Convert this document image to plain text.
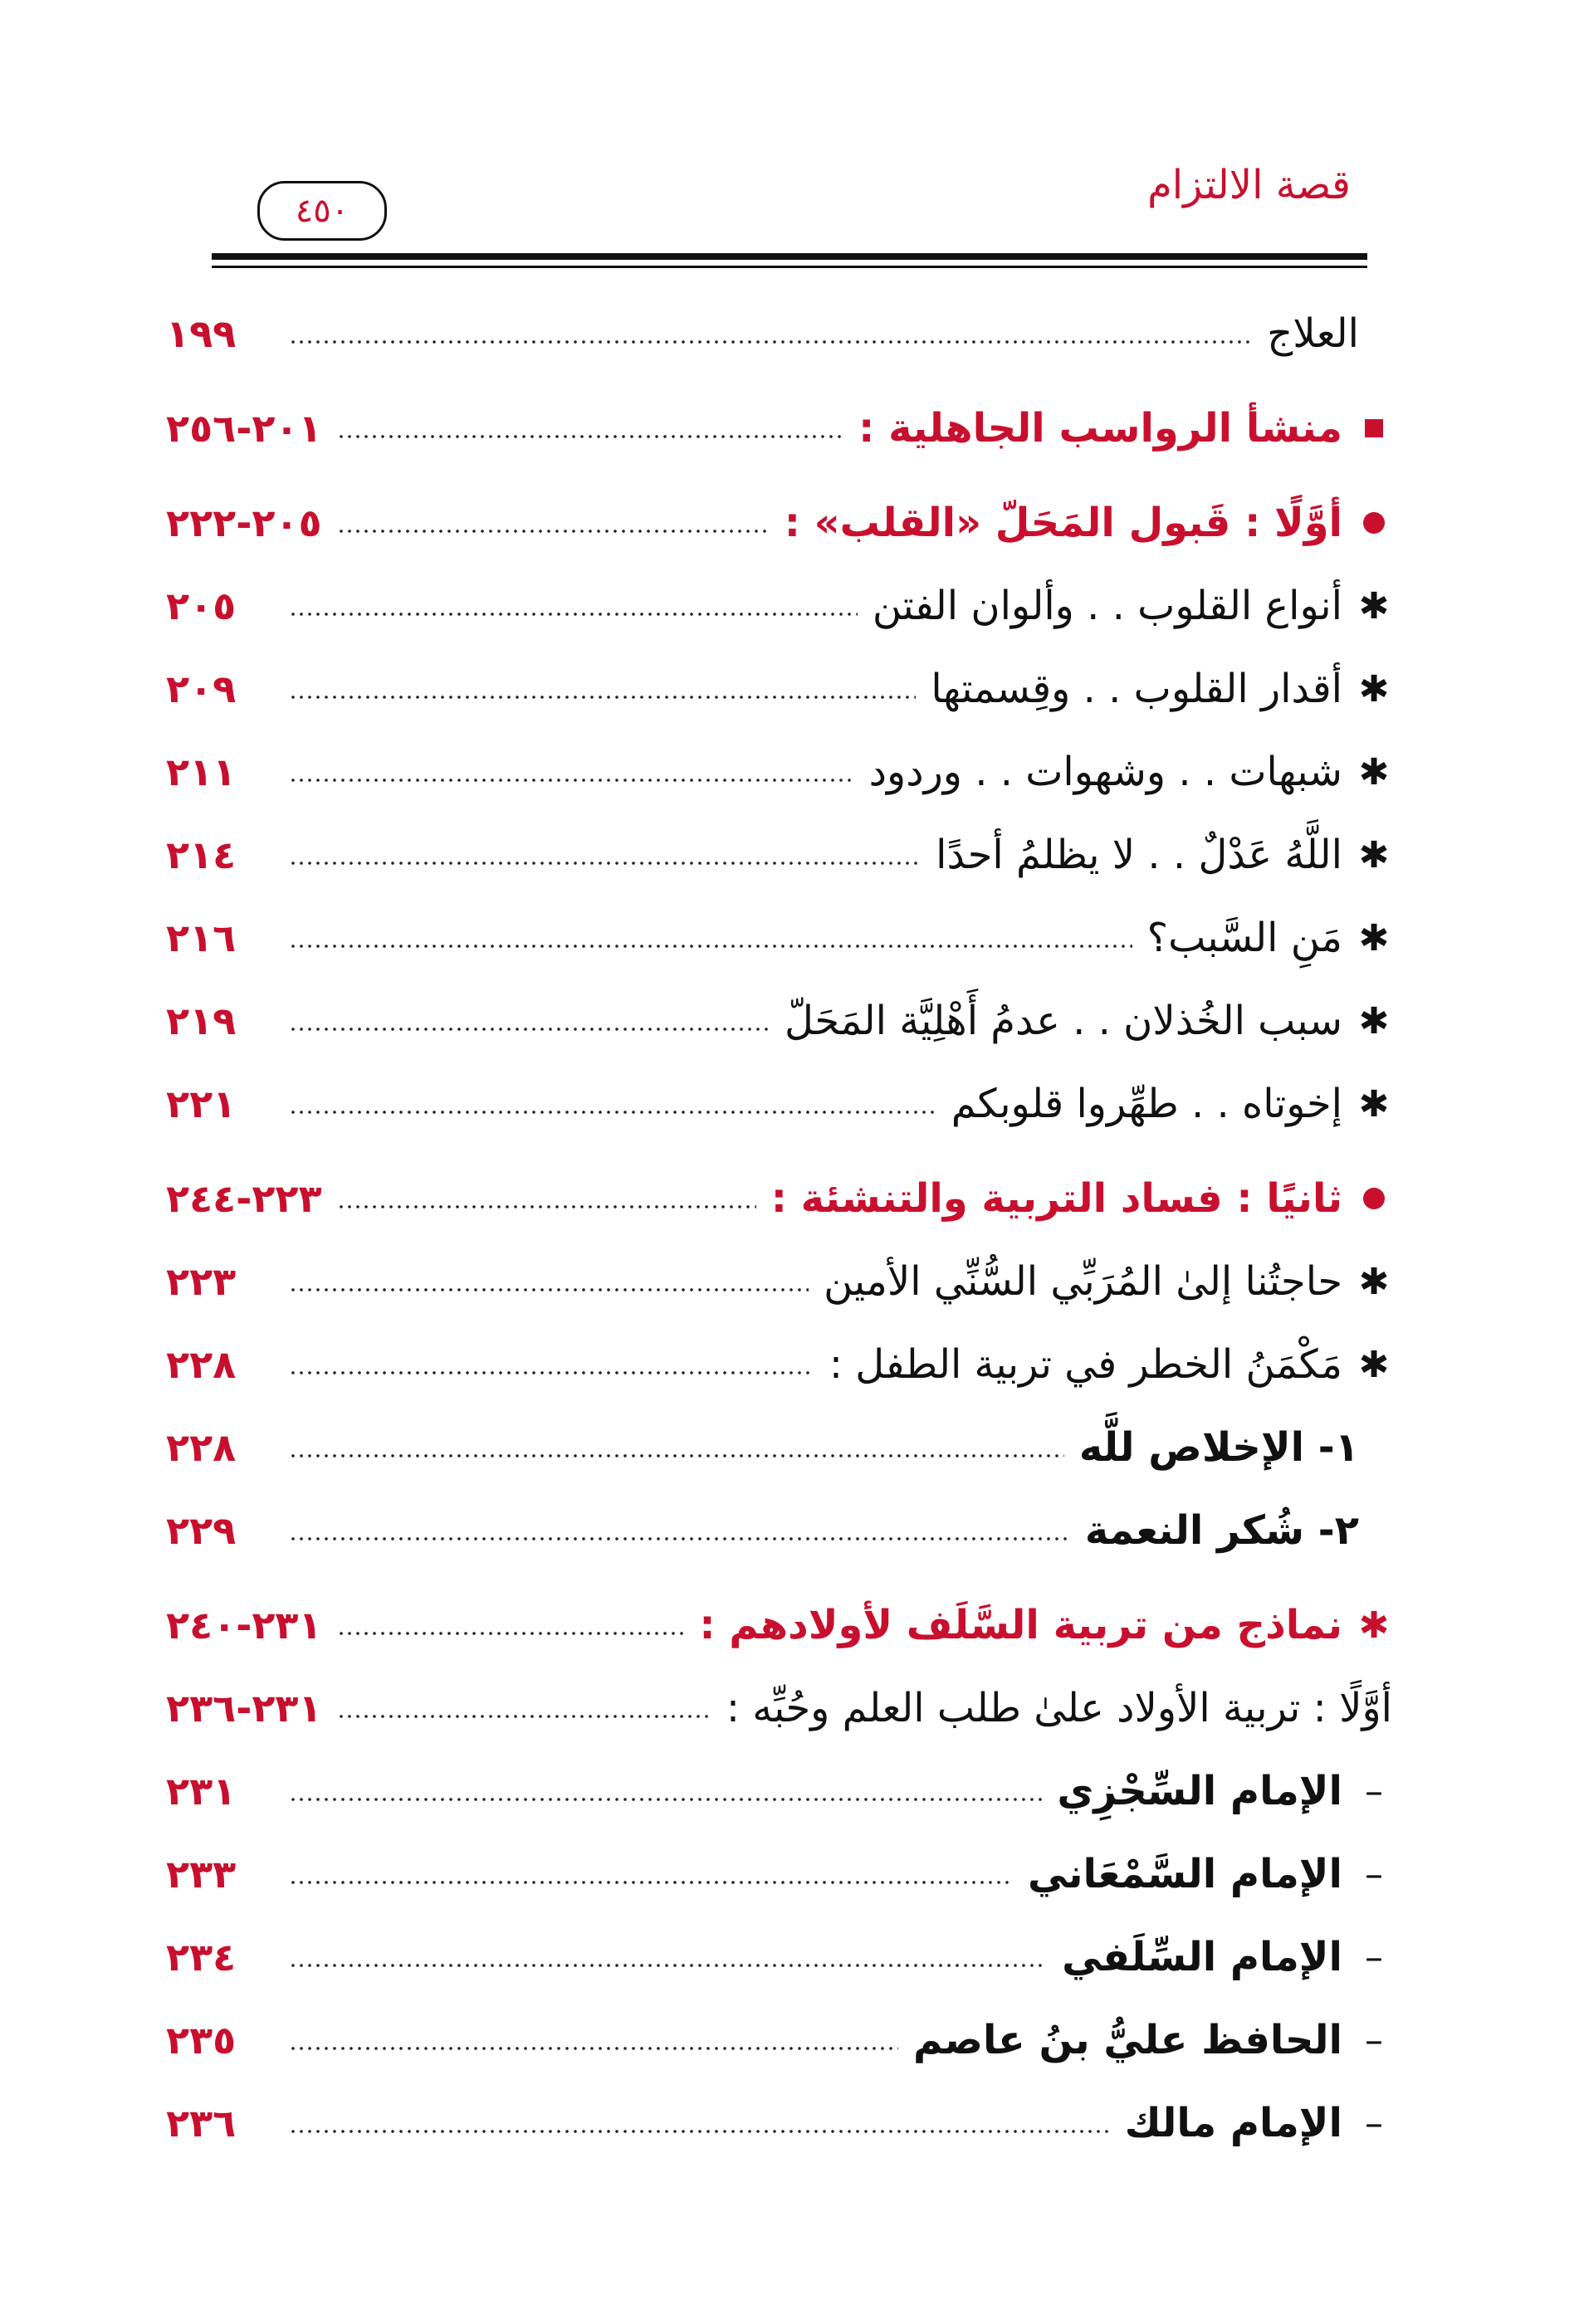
قصة الالتزام
٤٥٠
العلاج
١٩٩
منشأ الرواسب الجاهلية :
٢٠١-٢٥٦
أوَّلًا : قَبول المَحَلّ «القلب» :
٢٠٥-٢٢٢
✱
أنواع القلوب . . وألوان الفتن
٢٠٥
✱
أقدار القلوب . . وقِسمتها
٢٠٩
✱
شبهات . . وشهوات . . وردود
٢١١
✱
اللَّهُ عَدْلٌ . . لا يظلمُ أحدًا
٢١٤
✱
مَنِ السَّبب؟
٢١٦
✱
سبب الخُذلان . . عدمُ أَهْلِيَّة المَحَلّ
٢١٩
✱
إخوتاه . . طهِّروا قلوبكم
٢٢١
ثانيًا : فساد التربية والتنشئة :
٢٢٣-٢٤٤
✱
حاجتُنا إلىٰ المُرَبِّي السُّنِّي الأمين
٢٢٣
✱
مَكْمَنُ الخطر في تربية الطفل :
٢٢٨
١- الإخلاص للَّه
٢٢٨
٢- شُكر النعمة
٢٢٩
✱
نماذج من تربية السَّلَف لأولادهم :
٢٣١-٢٤٠
أوَّلًا : تربية الأولاد علىٰ طلب العلم وحُبِّه :
٢٣١-٢٣٦
–
الإمام السِّجْزِي
٢٣١
–
الإمام السَّمْعَاني
٢٣٣
–
الإمام السِّلَفي
٢٣٤
–
الحافظ عليُّ بنُ عاصم
٢٣٥
–
الإمام مالك
٢٣٦
